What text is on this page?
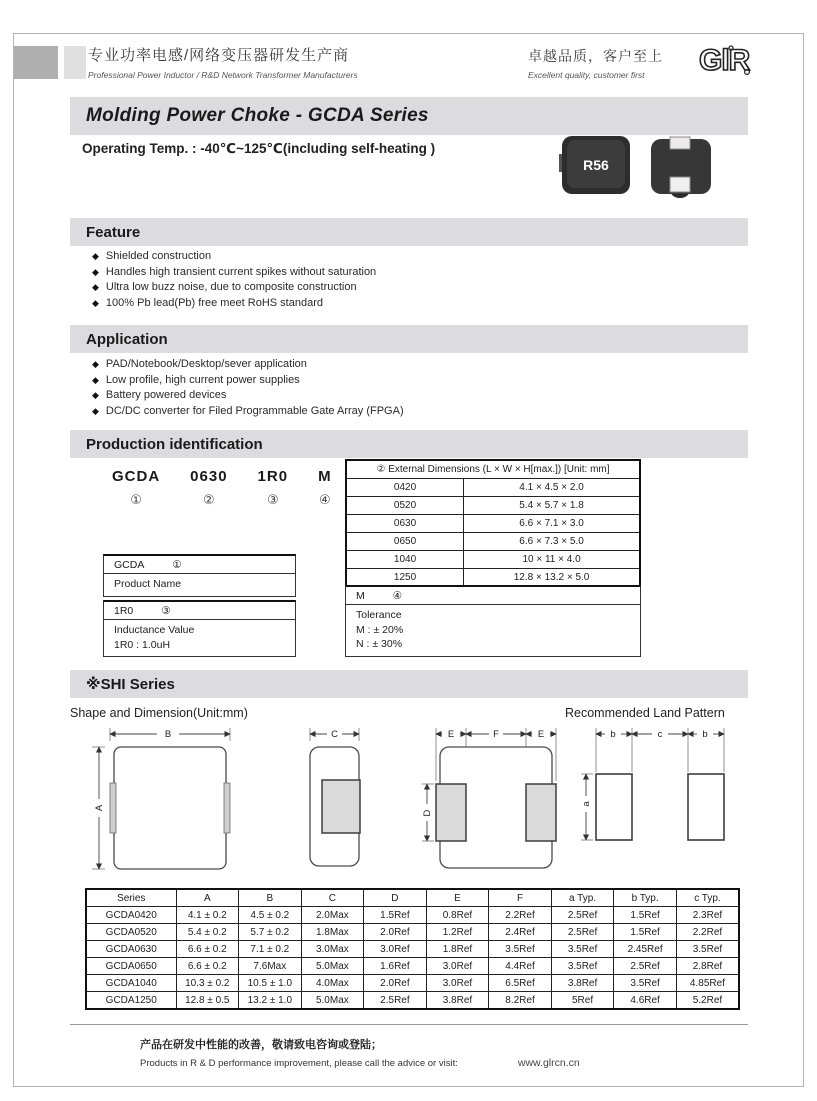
专业功率电感/网络变压器研发生产商
Professional Power Inductor / R&D Network Transformer Manufacturers
卓越品质，客户至上
Excellent quality, customer first	GlR
Molding Power Choke - GCDA Series
Operating Temp. : -40℃~125℃(including self-heating )
R56
Feature
◆ Shielded construction
◆ Handles high transient current spikes without saturation
◆ Ultra low buzz noise, due to composite construction
◆ 100% Pb lead(Pb) free meet RoHS standard
Application
◆ PAD/Notebook/Desktop/sever application
◆ Low profile, high current power supplies
◆ Battery powered devices
◆ DC/DC converter for Filed Programmable Gate Array (FPGA)
Production identification
GCDA
①
0630
②
1R0
③
M
④
② External Dimensions (L × W × H[max.]) [Unit: mm]	
0420	4.1 × 4.5 × 2.0
0520	5.4 × 5.7 × 1.8
0630	6.6 × 7.1 × 3.0
0650	6.6 × 7.3 × 5.0
1040	10 × 11 × 4.0
1250	12.8 × 13.2 × 5.0
GCDA	①
Product Name
1R0	③
Inductance Value
1R0 : 1.0uH
M	④
Tolerance
M : ± 20%
N : ± 30%
※SHI Series
Shape and Dimension(Unit:mm)	Recommended Land Pattern
B
A
C	E	F	E
D
b	c	b
a
Series	A	B	C	D	E	F	a Typ.	b Typ.	c Typ.
GCDA0420	4.1 ± 0.2	4.5 ± 0.2	2.0Max	1.5Ref	0.8Ref	2.2Ref	2.5Ref	1.5Ref	2.3Ref
GCDA0520	5.4 ± 0.2	5.7 ± 0.2	1.8Max	2.0Ref	1.2Ref	2.4Ref	2.5Ref	1.5Ref	2.2Ref
GCDA0630	6.6 ± 0.2	7.1 ± 0.2	3.0Max	3.0Ref	1.8Ref	3.5Ref	3.5Ref	2.45Ref	3.5Ref
GCDA0650	6.6 ± 0.2	7.6Max	5.0Max	1.6Ref	3.0Ref	4.4Ref	3.5Ref	2.5Ref	2.8Ref
GCDA1040	10.3 ± 0.2	10.5 ± 1.0	4.0Max	2.0Ref	3.0Ref	6.5Ref	3.8Ref	3.5Ref	4.85Ref
GCDA1250	12.8 ± 0.5	13.2 ± 1.0	5.0Max	2.5Ref	3.8Ref	8.2Ref	5Ref	4.6Ref	5.2Ref
产品在研发中性能的改善，敬请致电咨询或登陆；
Products in R & D performance improvement, please call the advice or visit:	www.glrcn.cn
